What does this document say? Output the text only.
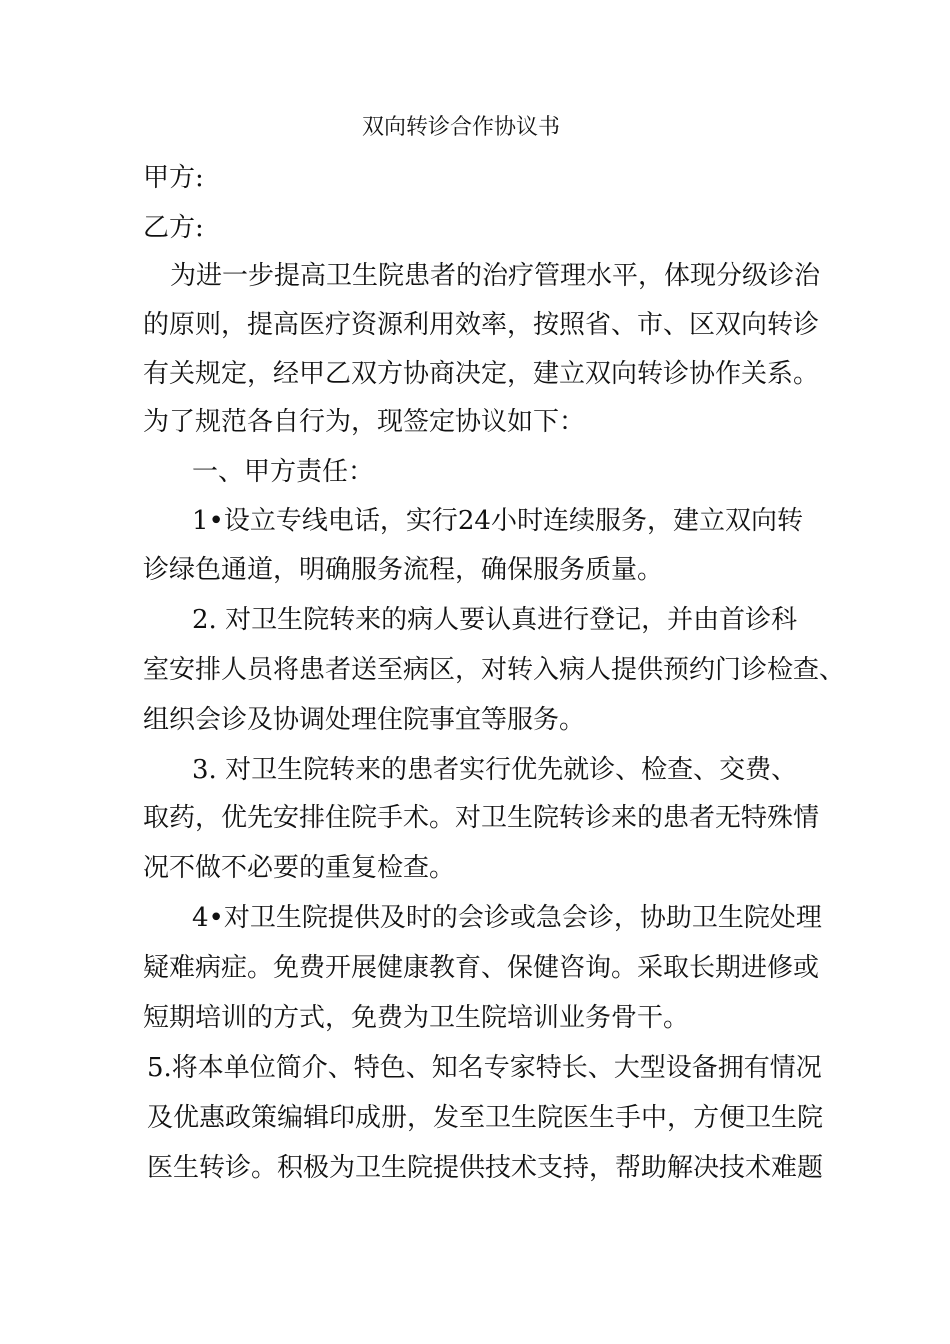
双向转诊合作协议书
甲方:
乙方:
为进一步提高卫生院患者的治疗管理水平，体现分级诊治
的原则，提高医疗资源利用效率，按照省、市、区双向转诊
有关规定，经甲乙双方协商决定，建立双向转诊协作关系。
为了规范各自行为，现签定协议如下：
一、甲方责任：
1•设立专线电话，实行24小时连续服务，建立双向转
诊绿色通道，明确服务流程，确保服务质量。
2. 对卫生院转来的病人要认真进行登记，并由首诊科
室安排人员将患者送至病区，对转入病人提供预约门诊检查、
组织会诊及协调处理住院事宜等服务。
3. 对卫生院转来的患者实行优先就诊、检查、交费、
取药，优先安排住院手术。对卫生院转诊来的患者无特殊情
况不做不必要的重复检查。
4•对卫生院提供及时的会诊或急会诊，协助卫生院处理
疑难病症。免费开展健康教育、保健咨询。采取长期进修或
短期培训的方式，免费为卫生院培训业务骨干。
5.将本单位简介、特色、知名专家特长、大型设备拥有情况
及优惠政策编辑印成册，发至卫生院医生手中，方便卫生院
医生转诊。积极为卫生院提供技术支持，帮助解决技术难题
